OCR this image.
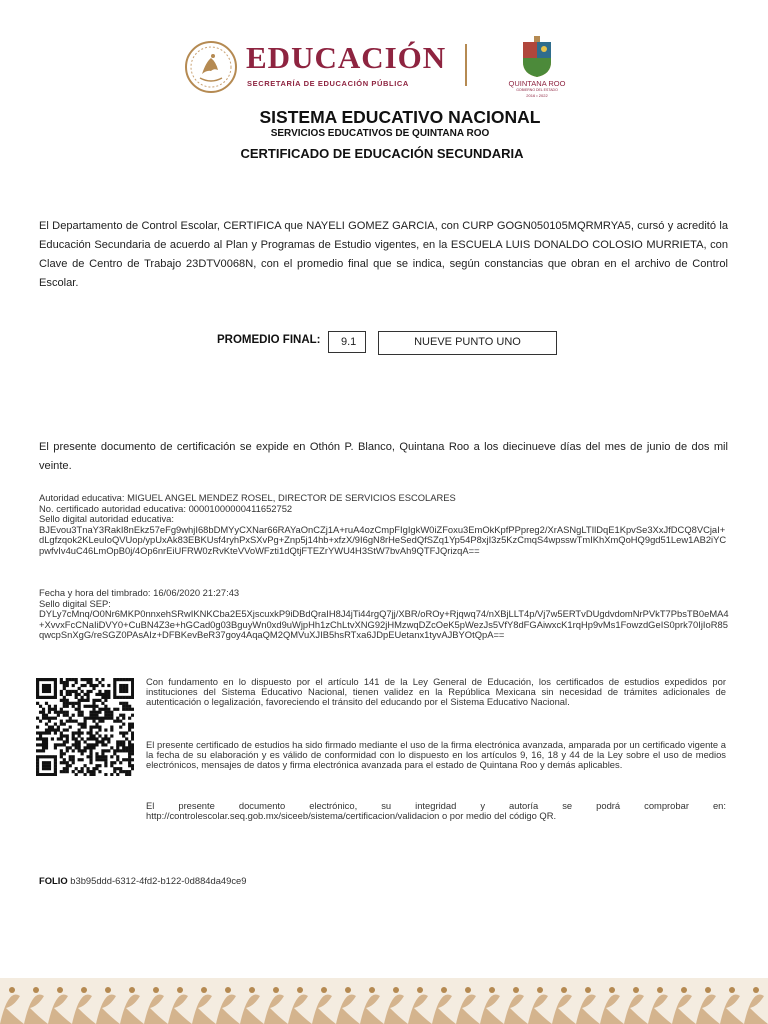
EDUCACIÓN
SECRETARÍA DE EDUCACIÓN PÚBLICA	QUINTANA ROO
GOBIERNO DEL ESTADO
2016 • 2022
SISTEMA EDUCATIVO NACIONAL
SERVICIOS EDUCATIVOS DE QUINTANA ROO
CERTIFICADO DE EDUCACIÓN SECUNDARIA
El Departamento de Control Escolar, CERTIFICA que NAYELI GOMEZ GARCIA, con CURP GOGN050105MQRMRYA5, cursó y acreditó la Educación Secundaria de acuerdo al Plan y Programas de Estudio vigentes, en la ESCUELA LUIS DONALDO COLOSIO MURRIETA, con Clave de Centro de Trabajo 23DTV0068N, con el promedio final que se indica, según constancias que obran en el archivo de Control Escolar.
PROMEDIO FINAL:	9.1	NUEVE PUNTO UNO
El presente documento de certificación se expide en Othón P. Blanco, Quintana Roo a los diecinueve días del mes de junio de dos mil veinte.
Autoridad educativa: MIGUEL ANGEL MENDEZ ROSEL, DIRECTOR DE SERVICIOS ESCOLARES
No. certificado autoridad educativa: 00001000000411652752
Sello digital autoridad educativa:
BJEvou3TnaY3RakI8nEkz57eFg9whjI68bDMYyCXNar66RAYaOnCZj1A+ruA4ozCmpFIgIgkW0iZFoxu3EmOkKpfPPpreg2/XrASNgLTIlDqE1KpvSe3XxJfDCQ8VCjaI+dLgfzqok2KLeuIoQVUop/ypUxAk83EBKUsf4ryhPxSXvPg+Znp5j14hb+xfzX/9I6gN8rHeSedQfSZq1Yp54P8xjI3z5KzCmqS4wpsswTmIKhXmQoHQ9gd51Lew1AB2iYCpwfvIv4uC46LmOpB0j/4Op6nrEiUFRW0zRvKteVVoWFzti1dQtjFTEZrYWU4H3StW7bvAh9QTFJQrizqA==
Fecha y hora del timbrado: 16/06/2020 21:27:43
Sello digital SEP:
DYLy7cMnq/O0Nr6MKP0nnxehSRwIKNKCba2E5XjscuxkP9iDBdQraIH8J4jTi44rgQ7jj/XBR/oROy+Rjqwq74/nXBjLLT4p/Vj7w5ERTvDUgdvdomNrPVkT7PbsTB0eMA4+XvvxFcCNaIiDVY0+CuBN4Z3e+hGCad0g03BguyWn0xd9uWjpHh1zChLtvXNG92jHMzwqDZcOeK5pWezJs5VfY8dFGAiwxcK1rqHp9vMs1FowzdGeIS0prk70IjIoR85qwcpSnXgG/reSGZ0PAsAIz+DFBKevBeR37goy4AqaQM2QMVuXJIB5hsRTxa6JDpEUetanx1tyvAJBYOtQpA==
Con fundamento en lo dispuesto por el artículo 141 de la Ley General de Educación, los certificados de estudios expedidos por instituciones del Sistema Educativo Nacional, tienen validez en la República Mexicana sin necesidad de trámites adicionales de autenticación o legalización, favoreciendo el tránsito del educando por el Sistema Educativo Nacional.
El presente certificado de estudios ha sido firmado mediante el uso de la firma electrónica avanzada, amparada por un certificado vigente a la fecha de su elaboración y es válido de conformidad con lo dispuesto en los artículos 9, 16, 18 y 44 de la Ley sobre el uso de medios electrónicos, mensajes de datos y firma electrónica avanzada para el estado de Quintana Roo y demás aplicables.
El presente documento electrónico, su integridad y autoría se podrá comprobar en: http://controlescolar.seq.gob.mx/siceeb/sistema/certificacion/validacion o por medio del código QR.
FOLIO b3b95ddd-6312-4fd2-b122-0d884da49ce9
